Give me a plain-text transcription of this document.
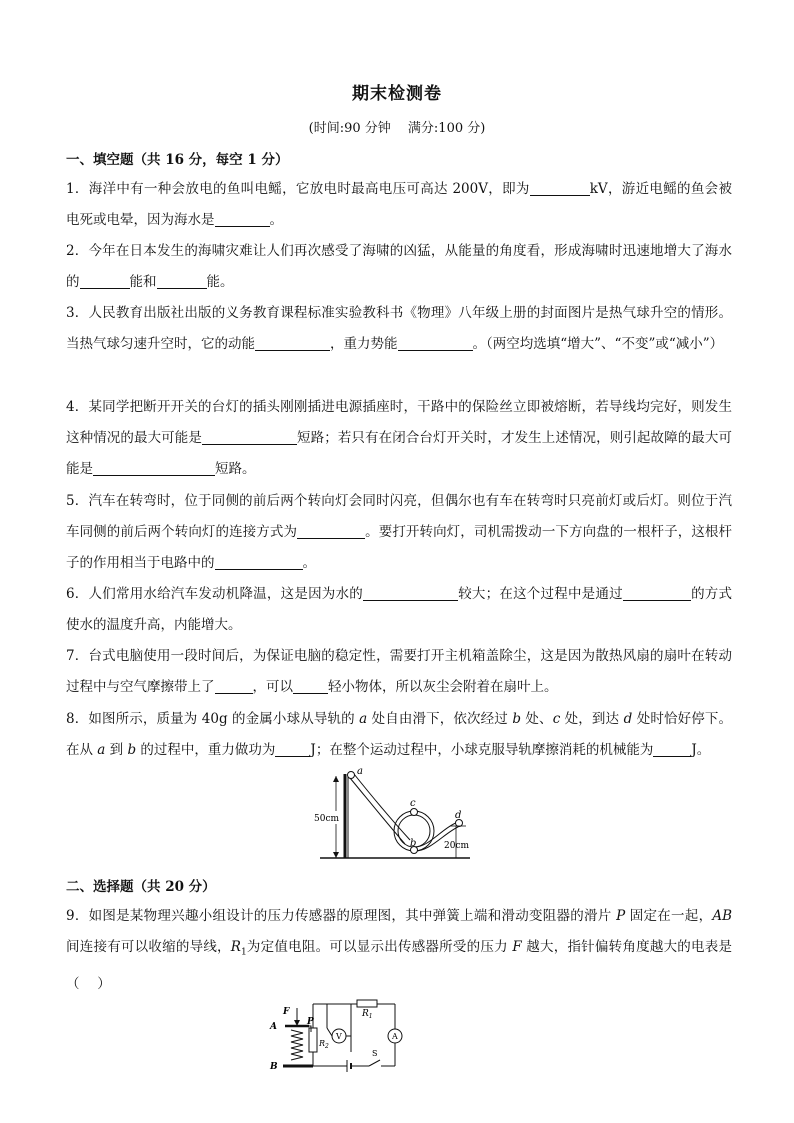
期末检测卷
(时间:90 分钟　 满分:100 分)
一、填空题（共 16 分，每空 1 分）
1．海洋中有一种会放电的鱼叫电鳐，它放电时最高电压可高达 200V，即为	kV，游近电鳐的鱼会被电死或电晕，因为海水是	。
2．今年在日本发生的海啸灾难让人们再次感受了海啸的凶猛，从能量的角度看，形成海啸时迅速地增大了海水的	能和	能。
3．人民教育出版社出版的义务教育课程标准实验教科书《物理》八年级上册的封面图片是热气球升空的情形。当热气球匀速升空时，它的动能	，重力势能	。（两空均选填“增大”、“不变”或“减小”）
4．某同学把断开开关的台灯的插头刚刚插进电源插座时，干路中的保险丝立即被熔断，若导线均完好，则发生这种情况的最大可能是	短路；若只有在闭合台灯开关时，才发生上述情况，则引起故障的最大可能是	短路。
5．汽车在转弯时，位于同侧的前后两个转向灯会同时闪亮，但偶尔也有车在转弯时只亮前灯或后灯。则位于汽车同侧的前后两个转向灯的连接方式为	。要打开转向灯，司机需拨动一下方向盘的一根杆子，这根杆子的作用相当于电路中的	。
6．人们常用水给汽车发动机降温，这是因为水的	较大；在这个过程中是通过	的方式使水的温度升高，内能增大。
7．台式电脑使用一段时间后，为保证电脑的稳定性，需要打开主机箱盖除尘，这是因为散热风扇的扇叶在转动过程中与空气摩擦带上了	，可以	轻小物体，所以灰尘会附着在扇叶上。
8．如图所示，质量为 40g 的金属小球从导轨的 a 处自由滑下，依次经过 b 处、c 处，到达 d 处时恰好停下。在从 a 到 b 的过程中，重力做功为	J；在整个运动过程中，小球克服导轨摩擦消耗的机械能为	J。
a
c
b
d
50cm
20cm
二、选择题（共 20 分）
9．如图是某物理兴趣小组设计的压力传感器的原理图，其中弹簧上端和滑动变阻器的滑片 P 固定在一起，AB间连接有可以收缩的导线，$R_1$为定值电阻。可以显示出传感器所受的压力 F 越大，指针偏转角度越大的电表是（　 ）
F
A
B
P
$R_1$
$R_2$
V	A
S
